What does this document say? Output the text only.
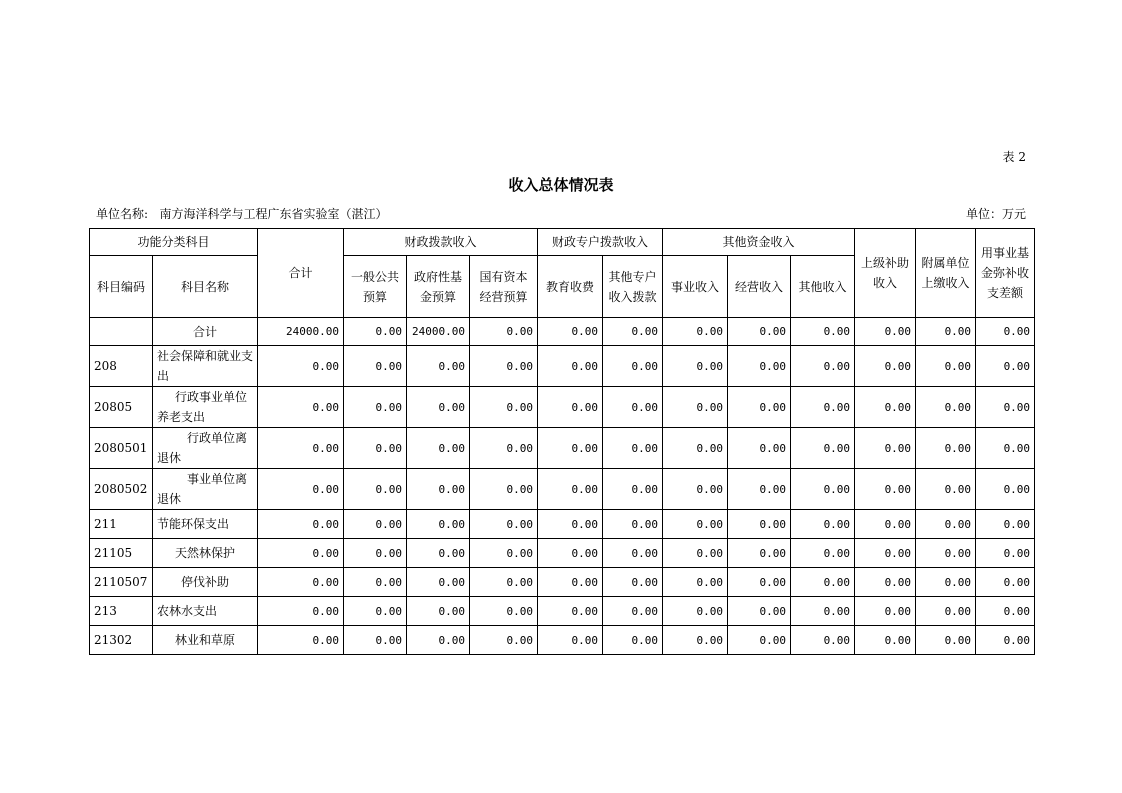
表 2
收入总体情况表
单位名称: 南方海洋科学与工程广东省实验室（湛江）	单位：万元
功能分类科目		合计	财政拨款收入			财政专户拨款收入		其他资金收入			上级补助收入	附属单位上缴收入	用事业基金弥补收支差额
科目编码	科目名称		一般公共预算	政府性基金预算	国有资本经营预算	教育收费	其他专户收入拨款	事业收入	经营收入	其他收入			
	合计	24000.00	0.00	24000.00	0.00	0.00	0.00	0.00	0.00	0.00	0.00	0.00	0.00
208	社会保障和就业支出	0.00	0.00	0.00	0.00	0.00	0.00	0.00	0.00	0.00	0.00	0.00	0.00
20805	行政事业单位养老支出	0.00	0.00	0.00	0.00	0.00	0.00	0.00	0.00	0.00	0.00	0.00	0.00
2080501	行政单位离退休	0.00	0.00	0.00	0.00	0.00	0.00	0.00	0.00	0.00	0.00	0.00	0.00
2080502	事业单位离退休	0.00	0.00	0.00	0.00	0.00	0.00	0.00	0.00	0.00	0.00	0.00	0.00
211	节能环保支出	0.00	0.00	0.00	0.00	0.00	0.00	0.00	0.00	0.00	0.00	0.00	0.00
21105	天然林保护	0.00	0.00	0.00	0.00	0.00	0.00	0.00	0.00	0.00	0.00	0.00	0.00
2110507	停伐补助	0.00	0.00	0.00	0.00	0.00	0.00	0.00	0.00	0.00	0.00	0.00	0.00
213	农林水支出	0.00	0.00	0.00	0.00	0.00	0.00	0.00	0.00	0.00	0.00	0.00	0.00
21302	林业和草原	0.00	0.00	0.00	0.00	0.00	0.00	0.00	0.00	0.00	0.00	0.00	0.00
